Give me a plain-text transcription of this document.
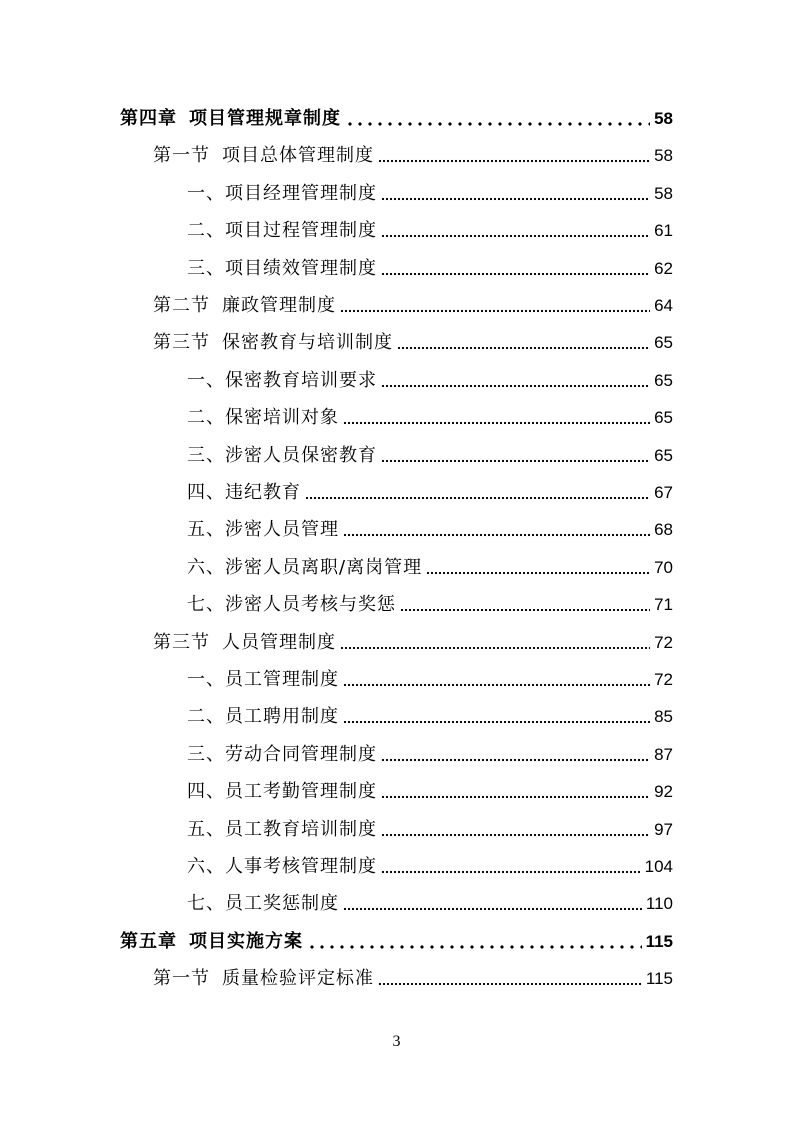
第四章 项目管理规章制度	58
第一节 项目总体管理制度	58
一、项目经理管理制度	58
二、项目过程管理制度	61
三、项目绩效管理制度	62
第二节 廉政管理制度	64
第三节 保密教育与培训制度	65
一、保密教育培训要求	65
二、保密培训对象	65
三、涉密人员保密教育	65
四、违纪教育	67
五、涉密人员管理	68
六、涉密人员离职/离岗管理	70
七、涉密人员考核与奖惩	71
第三节 人员管理制度	72
一、员工管理制度	72
二、员工聘用制度	85
三、劳动合同管理制度	87
四、员工考勤管理制度	92
五、员工教育培训制度	97
六、人事考核管理制度	104
七、员工奖惩制度	110
第五章 项目实施方案	115
第一节 质量检验评定标准	115
3
